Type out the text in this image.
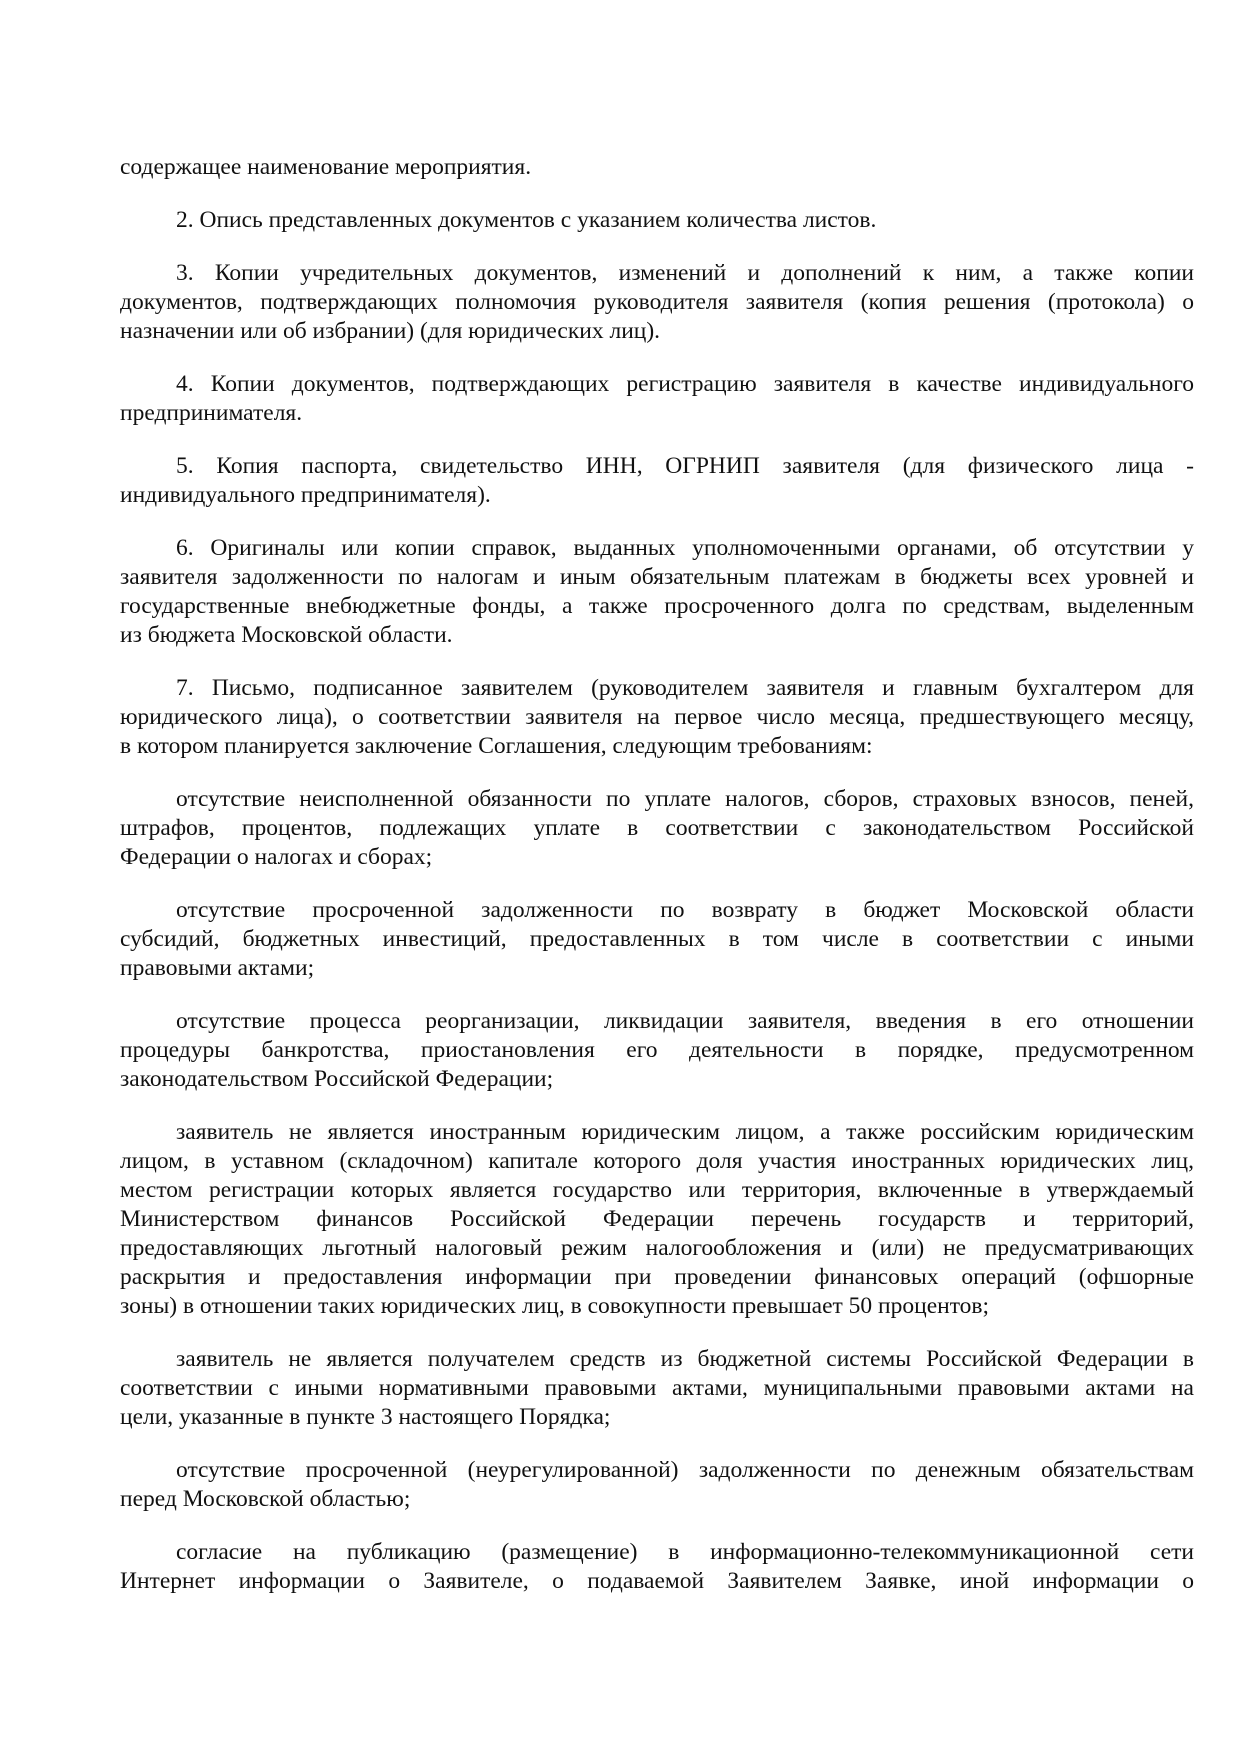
содержащее наименование мероприятия.
2. Опись представленных документов с указанием количества листов.
3. Копии учредительных документов, изменений и дополнений к ним, а также копии
документов, подтверждающих полномочия руководителя заявителя (копия решения (протокола) о
назначении или об избрании) (для юридических лиц).
4. Копии документов, подтверждающих регистрацию заявителя в качестве индивидуального
предпринимателя.
5. Копия паспорта, свидетельство ИНН, ОГРНИП заявителя (для физического лица -
индивидуального предпринимателя).
6. Оригиналы или копии справок, выданных уполномоченными органами, об отсутствии у
заявителя задолженности по налогам и иным обязательным платежам в бюджеты всех уровней и
государственные внебюджетные фонды, а также просроченного долга по средствам, выделенным
из бюджета Московской области.
7. Письмо, подписанное заявителем (руководителем заявителя и главным бухгалтером для
юридического лица), о соответствии заявителя на первое число месяца, предшествующего месяцу,
в котором планируется заключение Соглашения, следующим требованиям:
отсутствие неисполненной обязанности по уплате налогов, сборов, страховых взносов, пеней,
штрафов, процентов, подлежащих уплате в соответствии с законодательством Российской
Федерации о налогах и сборах;
отсутствие просроченной задолженности по возврату в бюджет Московской области
субсидий, бюджетных инвестиций, предоставленных в том числе в соответствии с иными
правовыми актами;
отсутствие процесса реорганизации, ликвидации заявителя, введения в его отношении
процедуры банкротства, приостановления его деятельности в порядке, предусмотренном
законодательством Российской Федерации;
заявитель не является иностранным юридическим лицом, а также российским юридическим
лицом, в уставном (складочном) капитале которого доля участия иностранных юридических лиц,
местом регистрации которых является государство или территория, включенные в утверждаемый
Министерством финансов Российской Федерации перечень государств и территорий,
предоставляющих льготный налоговый режим налогообложения и (или) не предусматривающих
раскрытия и предоставления информации при проведении финансовых операций (офшорные
зоны) в отношении таких юридических лиц, в совокупности превышает 50 процентов;
заявитель не является получателем средств из бюджетной системы Российской Федерации в
соответствии с иными нормативными правовыми актами, муниципальными правовыми актами на
цели, указанные в пункте 3 настоящего Порядка;
отсутствие просроченной (неурегулированной) задолженности по денежным обязательствам
перед Московской областью;
согласие на публикацию (размещение) в информационно-телекоммуникационной сети
Интернет информации о Заявителе, о подаваемой Заявителем Заявке, иной информации о
